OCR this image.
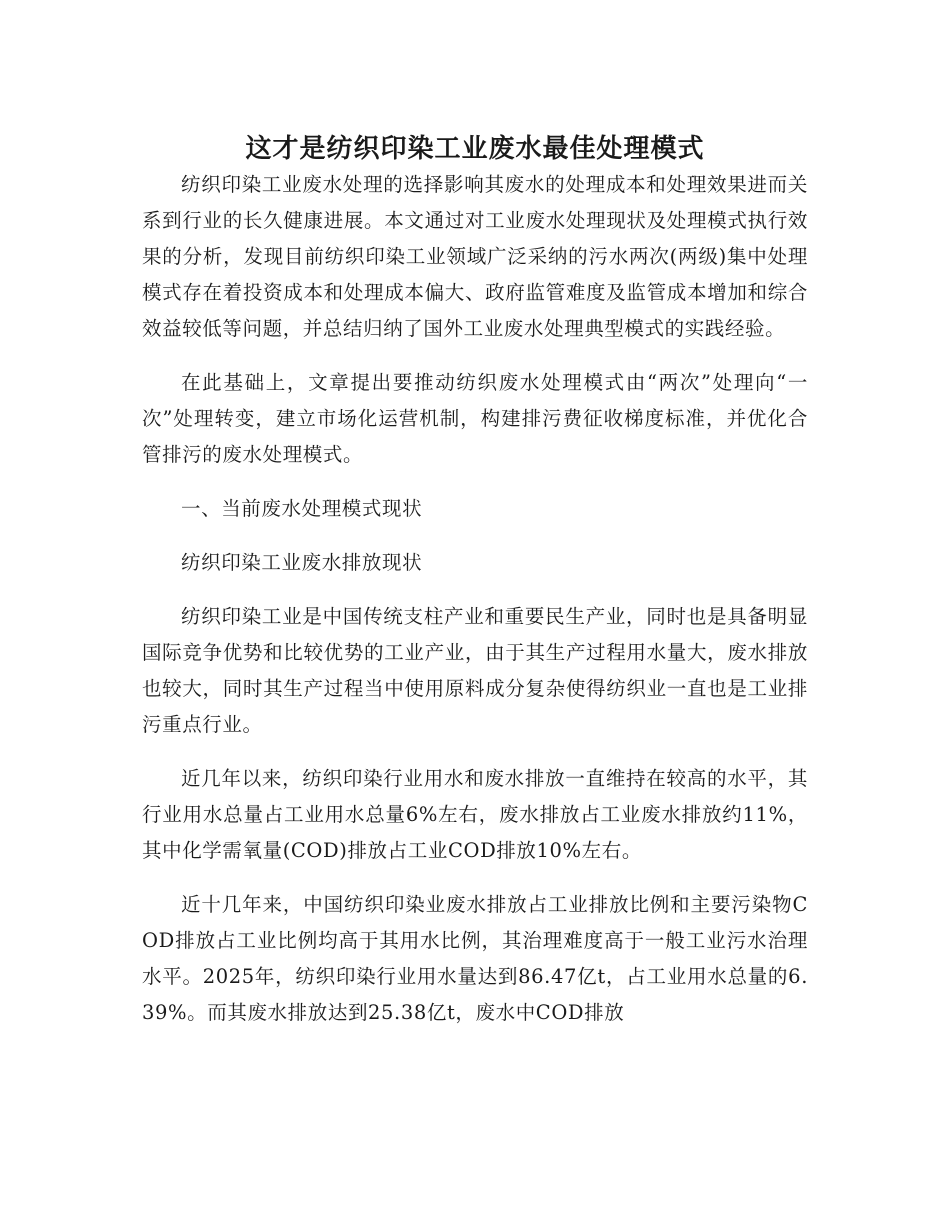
这才是纺织印染工业废水最佳处理模式

纺织印染工业废水处理的选择影响其废水的处理成本和处理效果进而关系到行业的长久健康进展。本文通过对工业废水处理现状及处理模式执行效果的分析，发现目前纺织印染工业领域广泛采纳的污水两次(两级)集中处理模式存在着投资成本和处理成本偏大、政府监管难度及监管成本增加和综合效益较低等问题，并总结归纳了国外工业废水处理典型模式的实践经验。

在此基础上，文章提出要推动纺织废水处理模式由“两次”处理向“一次”处理转变，建立市场化运营机制，构建排污费征收梯度标准，并优化合管排污的废水处理模式。

一、当前废水处理模式现状

纺织印染工业废水排放现状

纺织印染工业是中国传统支柱产业和重要民生产业，同时也是具备明显国际竞争优势和比较优势的工业产业，由于其生产过程用水量大，废水排放也较大，同时其生产过程当中使用原料成分复杂使得纺织业一直也是工业排污重点行业。

近几年以来，纺织印染行业用水和废水排放一直维持在较高的水平，其行业用水总量占工业用水总量6%左右，废水排放占工业废水排放约11%，其中化学需氧量(COD)排放占工业COD排放10%左右。

近十几年来，中国纺织印染业废水排放占工业排放比例和主要污染物COD排放占工业比例均高于其用水比例，其治理难度高于一般工业污水治理水平。2025年，纺织印染行业用水量达到86.47亿t，占工业用水总量的6.39%。而其废水排放达到25.38亿t，废水中COD排放
